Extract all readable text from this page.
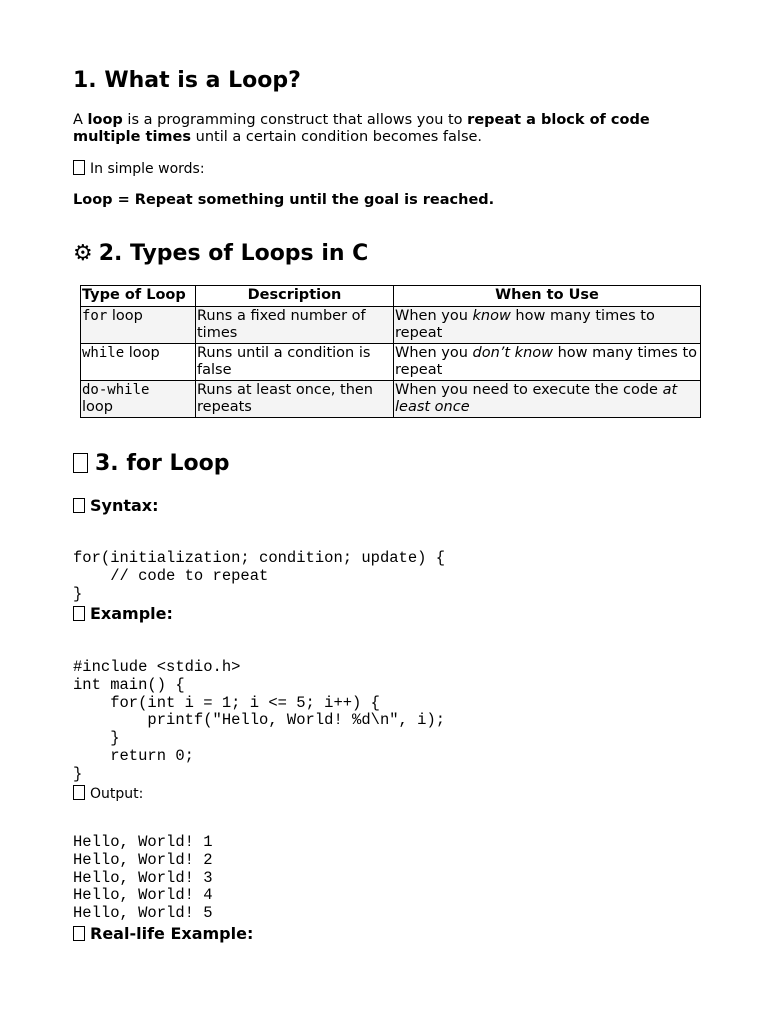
1. What is a Loop?

A loop is a programming construct that allows you to repeat a block of code multiple times until a certain condition becomes false.

In simple words:

Loop = Repeat something until the goal is reached.

⚙ 2. Types of Loops in C
3. for Loop
Syntax:
for(initialization; condition; update) {
// code to repeat
}
Example:
#include <stdio.h>
int main() {
for(int i = 1; i <= 5; i++) {
printf("Hello, World! %d\n", i);
}
return 0;
}
Output:
Hello, World! 1
Hello, World! 2
Hello, World! 3
Hello, World! 4
Hello, World! 5
Real-life Example:
Type of Loop	Description	When to Use
for loop	Runs a fixed number of times	When you know how many times to repeat
while loop	Runs until a condition is false	When you don’t know how many times to repeat
do-while
loop	Runs at least once, then repeats	When you need to execute the code at least once
